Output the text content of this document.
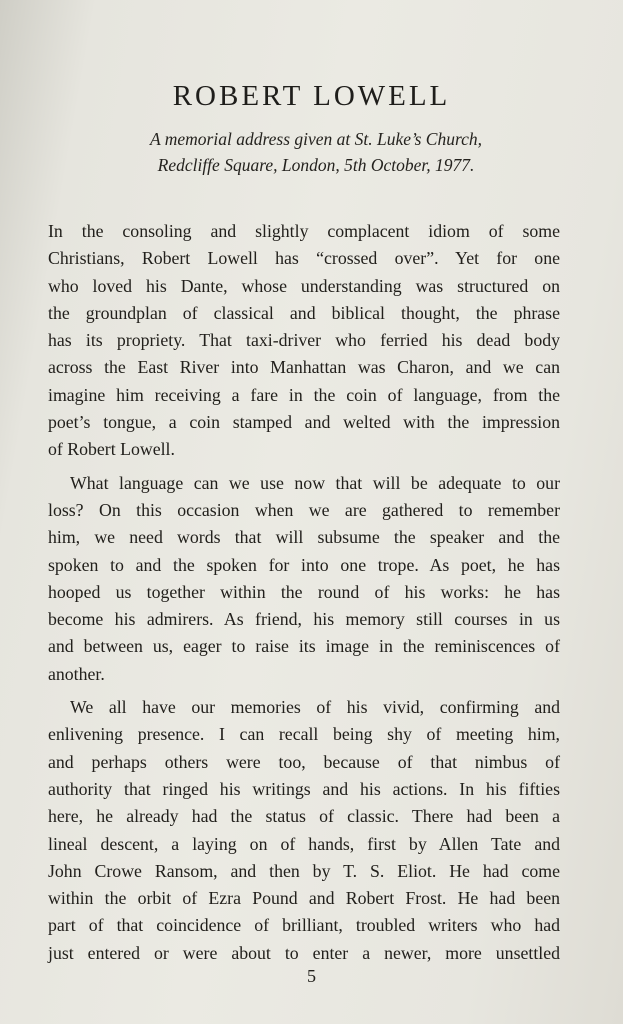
ROBERT LOWELL
A memorial address given at St. Luke’s Church,
Redcliffe Square, London, 5th October, 1977.

In the consoling and slightly complacent idiom of some
Christians, Robert Lowell has “crossed over”. Yet for one
who loved his Dante, whose understanding was structured on
the groundplan of classical and biblical thought, the phrase
has its propriety. That taxi-driver who ferried his dead body
across the East River into Manhattan was Charon, and we can
imagine him receiving a fare in the coin of language, from the
poet’s tongue, a coin stamped and welted with the impression
of Robert Lowell.

What language can we use now that will be adequate to our
loss? On this occasion when we are gathered to remember
him, we need words that will subsume the speaker and the
spoken to and the spoken for into one trope. As poet, he has
hooped us together within the round of his works: he has
become his admirers. As friend, his memory still courses in us
and between us, eager to raise its image in the reminiscences of
another.

We all have our memories of his vivid, confirming and
enlivening presence. I can recall being shy of meeting him,
and perhaps others were too, because of that nimbus of
authority that ringed his writings and his actions. In his fifties
here, he already had the status of classic. There had been a
lineal descent, a laying on of hands, first by Allen Tate and
John Crowe Ransom, and then by T. S. Eliot. He had come
within the orbit of Ezra Pound and Robert Frost. He had been
part of that coincidence of brilliant, troubled writers who had
just entered or were about to enter a newer, more unsettled

5
